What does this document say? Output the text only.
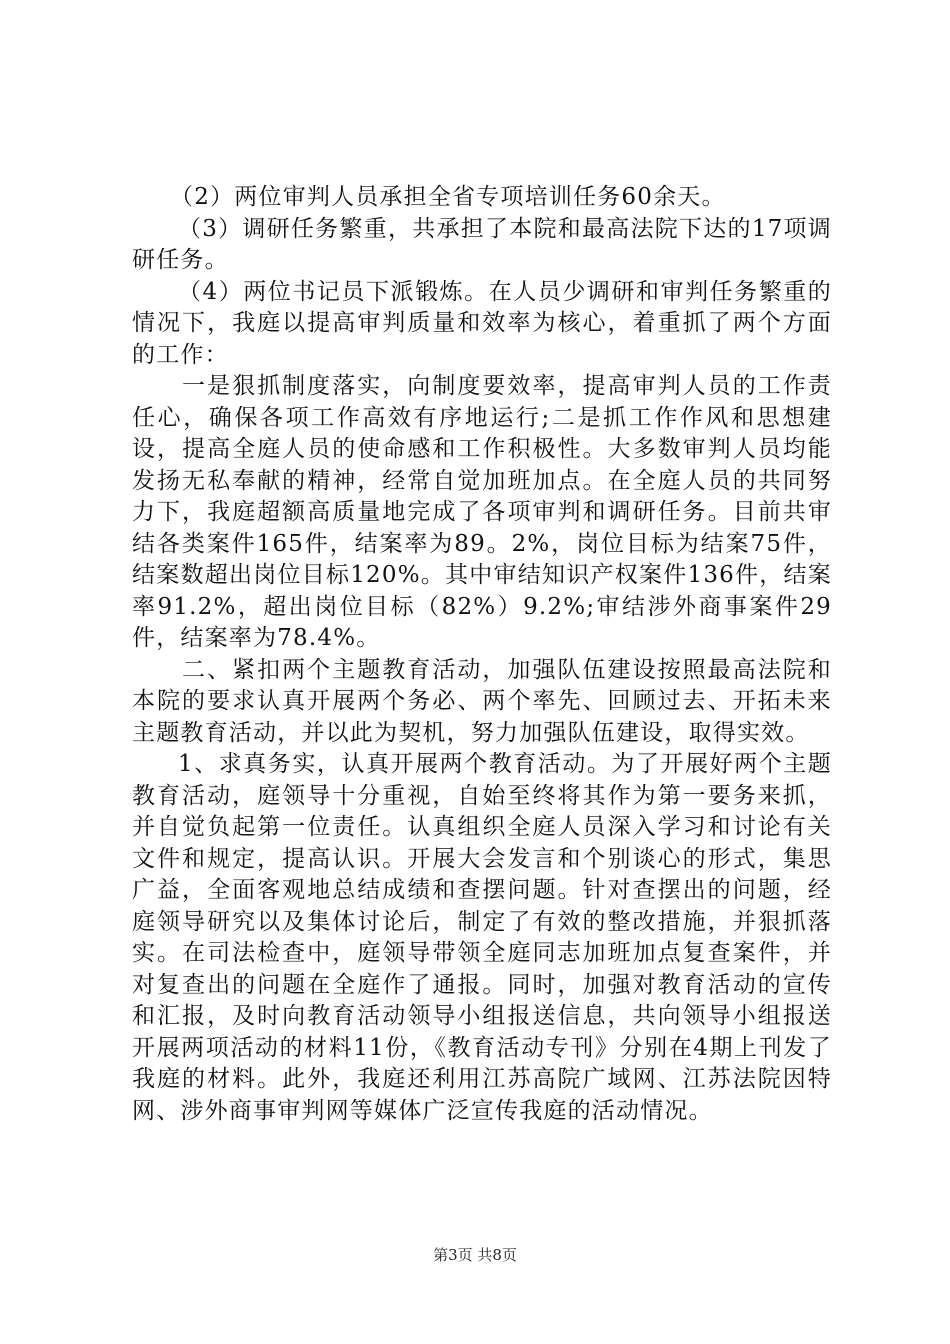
（2）两位审判人员承担全省专项培训任务60余天。

（3）调研任务繁重，共承担了本院和最高法院下达的17项调研任务。

（4）两位书记员下派锻炼。在人员少调研和审判任务繁重的情况下，我庭以提高审判质量和效率为核心，着重抓了两个方面的工作：

一是狠抓制度落实，向制度要效率，提高审判人员的工作责任心，确保各项工作高效有序地运行;二是抓工作作风和思想建设，提高全庭人员的使命感和工作积极性。大多数审判人员均能发扬无私奉献的精神，经常自觉加班加点。在全庭人员的共同努力下，我庭超额高质量地完成了各项审判和调研任务。目前共审结各类案件165件，结案率为89。2%，岗位目标为结案75件，结案数超出岗位目标120%。其中审结知识产权案件136件，结案率91.2%，超出岗位目标（82%）9.2%;审结涉外商事案件29件，结案率为78.4%。

二、紧扣两个主题教育活动，加强队伍建设按照最高法院和本院的要求认真开展两个务必、两个率先、回顾过去、开拓未来主题教育活动，并以此为契机，努力加强队伍建设，取得实效。

1、求真务实，认真开展两个教育活动。为了开展好两个主题教育活动，庭领导十分重视，自始至终将其作为第一要务来抓，并自觉负起第一位责任。认真组织全庭人员深入学习和讨论有关文件和规定，提高认识。开展大会发言和个别谈心的形式，集思广益，全面客观地总结成绩和查摆问题。针对查摆出的问题，经庭领导研究以及集体讨论后，制定了有效的整改措施，并狠抓落实。在司法检查中，庭领导带领全庭同志加班加点复查案件，并对复查出的问题在全庭作了通报。同时，加强对教育活动的宣传和汇报，及时向教育活动领导小组报送信息，共向领导小组报送开展两项活动的材料11份，《教育活动专刊》分别在4期上刊发了我庭的材料。此外，我庭还利用江苏高院广域网、江苏法院因特网、涉外商事审判网等媒体广泛宣传我庭的活动情况。

第3页 共8页
